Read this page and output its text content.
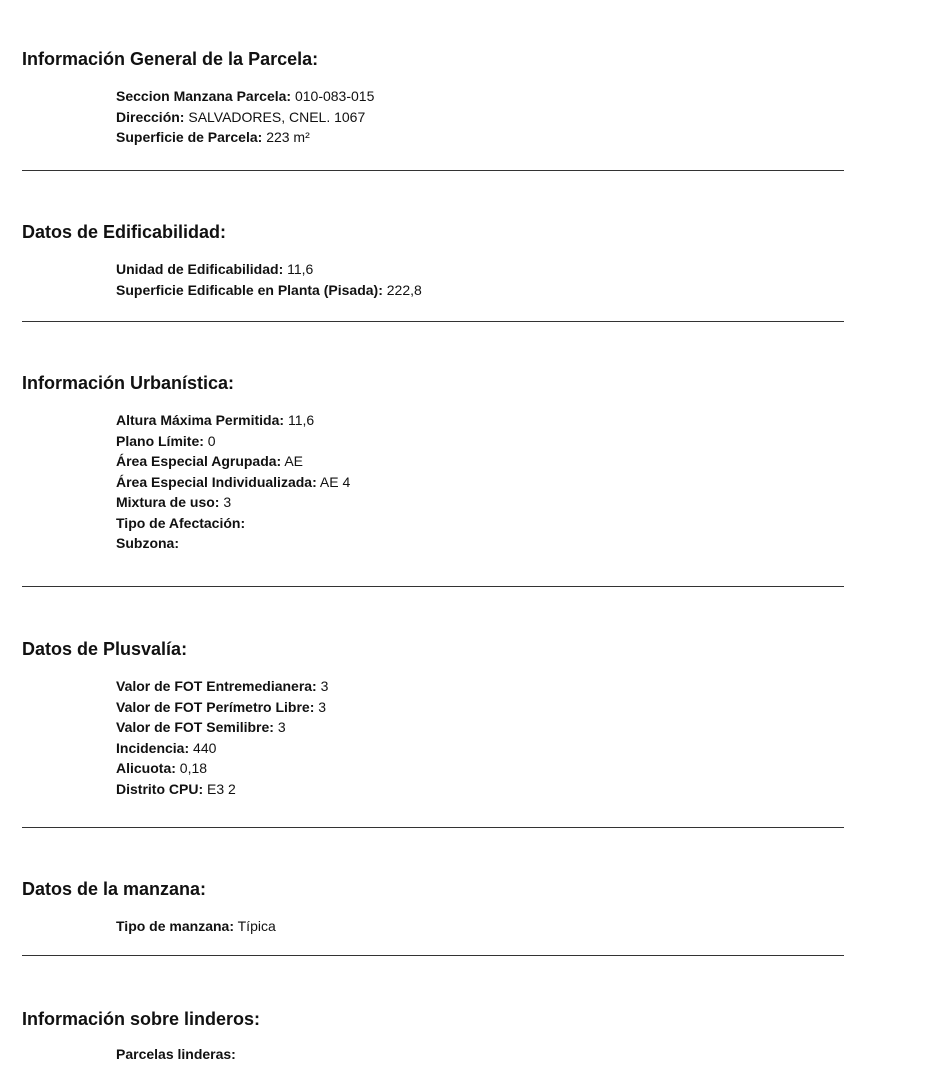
Información General de la Parcela:
Seccion Manzana Parcela: 010-083-015
Dirección: SALVADORES, CNEL. 1067
Superficie de Parcela: 223 m²
Datos de Edificabilidad:
Unidad de Edificabilidad: 11,6
Superficie Edificable en Planta (Pisada): 222,8
Información Urbanística:
Altura Máxima Permitida: 11,6
Plano Límite: 0
Área Especial Agrupada: AE
Área Especial Individualizada: AE 4
Mixtura de uso: 3
Tipo de Afectación:
Subzona:
Datos de Plusvalía:
Valor de FOT Entremedianera: 3
Valor de FOT Perímetro Libre: 3
Valor de FOT Semilibre: 3
Incidencia: 440
Alicuota: 0,18
Distrito CPU: E3 2
Datos de la manzana:
Tipo de manzana: Típica
Información sobre linderos:
Parcelas linderas:
